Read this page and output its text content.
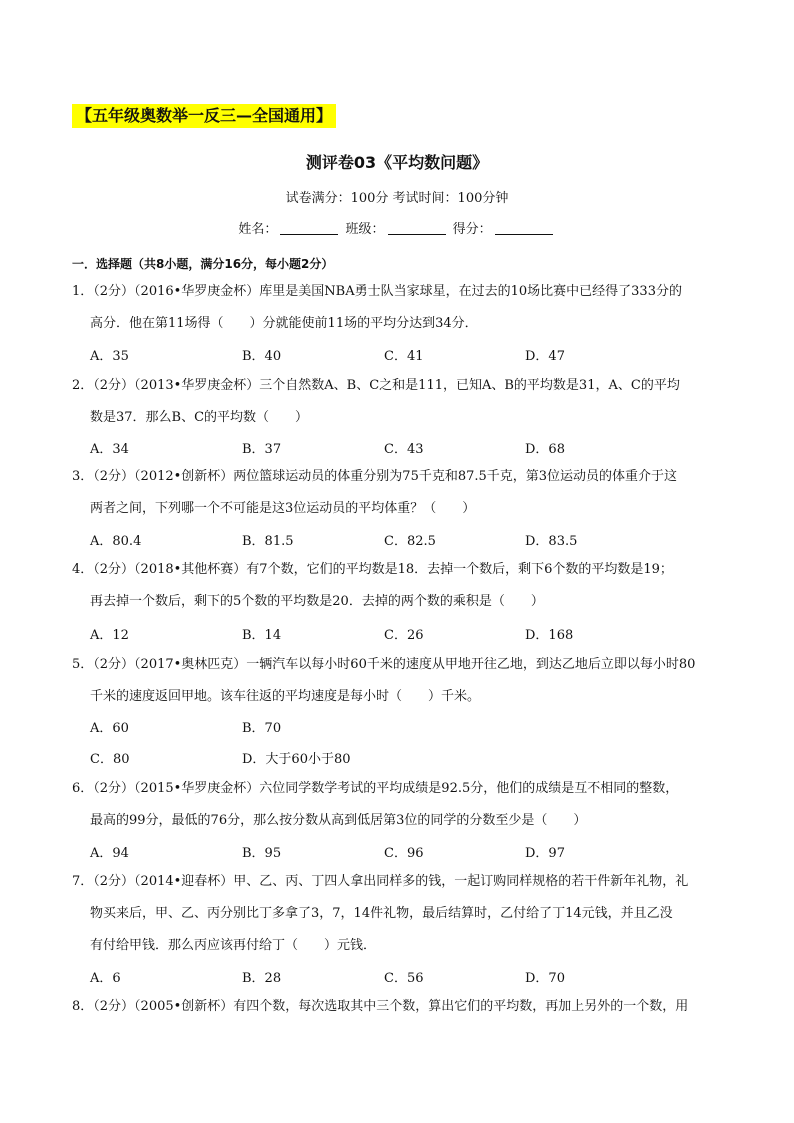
【五年级奥数举一反三—全国通用】
测评卷03《平均数问题》
试卷满分：100分 考试时间：100分钟
姓名：	班级：	得分：
一．选择题（共8小题，满分16分，每小题2分）
1．（2分）（2016•华罗庚金杯）库里是美国NBA勇士队当家球星，在过去的10场比赛中已经得了333分的
高分．他在第11场得（　　）分就能使前11场的平均分达到34分．
A．35	B．40	C．41	D．47
2．（2分）（2013•华罗庚金杯）三个自然数A、B、C之和是111，已知A、B的平均数是31，A、C的平均
数是37．那么B、C的平均数（　　）
A．34	B．37	C．43	D．68
3．（2分）（2012•创新杯）两位篮球运动员的体重分别为75千克和87.5千克，第3位运动员的体重介于这
两者之间，下列哪一个不可能是这3位运动员的平均体重？（　　）
A．80.4	B．81.5	C．82.5	D．83.5
4．（2分）（2018•其他杯赛）有7个数，它们的平均数是18．去掉一个数后，剩下6个数的平均数是19；
再去掉一个数后，剩下的5个数的平均数是20．去掉的两个数的乘积是（　　）
A．12	B．14	C．26	D．168
5．（2分）（2017•奥林匹克）一辆汽车以每小时60千米的速度从甲地开往乙地，到达乙地后立即以每小时80
千米的速度返回甲地。该车往返的平均速度是每小时（　　）千米。
A．60	B．70
C．80	D．大于60小于80
6．（2分）（2015•华罗庚金杯）六位同学数学考试的平均成绩是92.5分，他们的成绩是互不相同的整数，
最高的99分，最低的76分，那么按分数从高到低居第3位的同学的分数至少是（　　）
A．94	B．95	C．96	D．97
7．（2分）（2014•迎春杯）甲、乙、丙、丁四人拿出同样多的钱，一起订购同样规格的若干件新年礼物，礼
物买来后，甲、乙、丙分别比丁多拿了3，7，14件礼物，最后结算时，乙付给了丁14元钱，并且乙没
有付给甲钱．那么丙应该再付给丁（　　）元钱．
A．6	B．28	C．56	D．70
8．（2分）（2005•创新杯）有四个数，每次选取其中三个数，算出它们的平均数，再加上另外的一个数，用
